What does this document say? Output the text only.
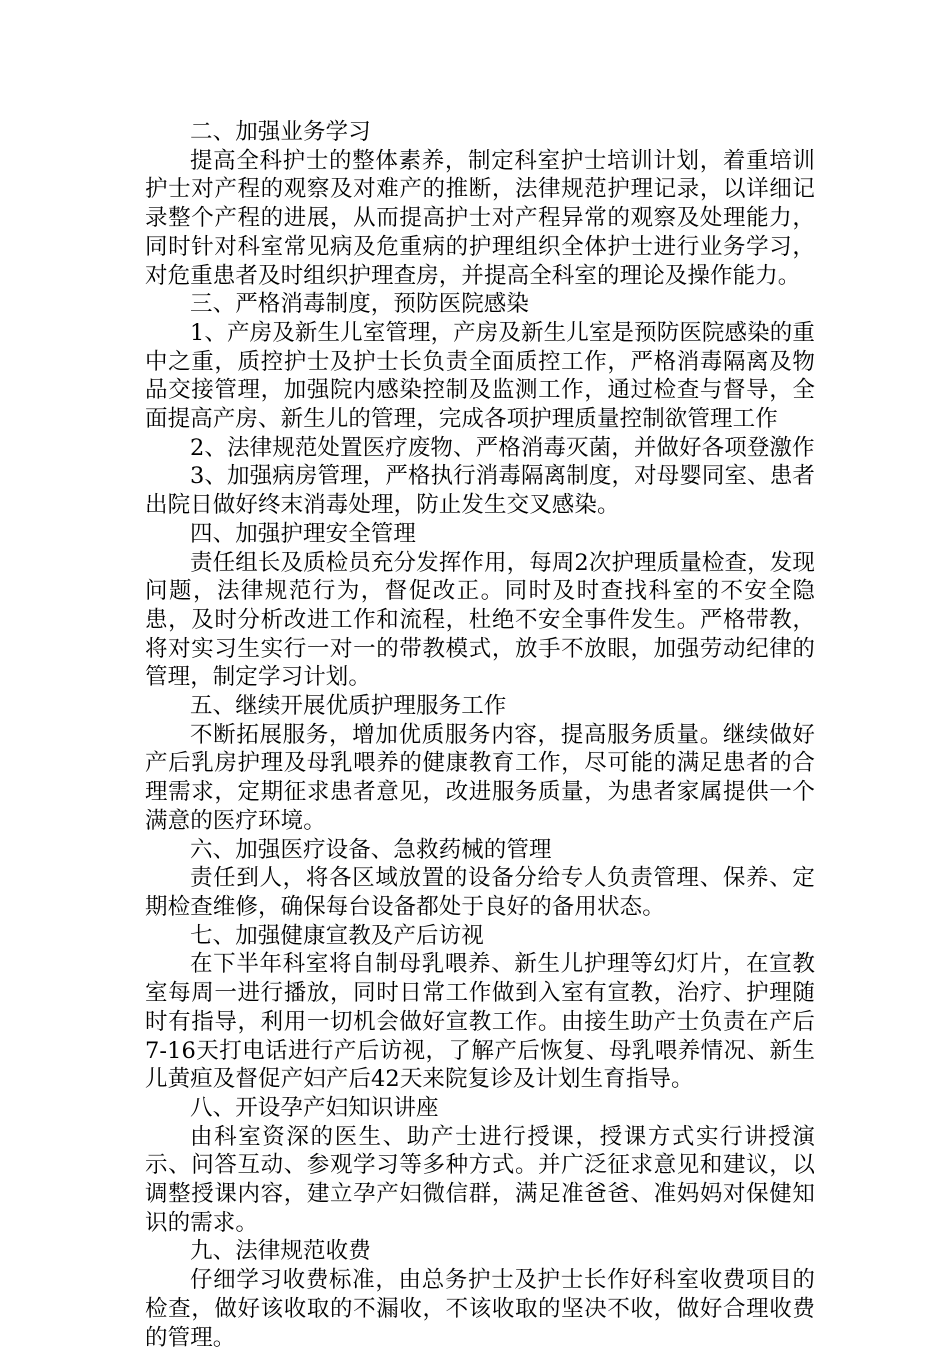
二、加强业务学习

提高全科护士的整体素养，制定科室护士培训计划，着重培训护士对产程的观察及对难产的推断，法律规范护理记录，以详细记录整个产程的进展，从而提高护士对产程异常的观察及处理能力，同时针对科室常见病及危重病的护理组织全体护士进行业务学习，对危重患者及时组织护理查房，并提高全科室的理论及操作能力。

三、严格消毒制度，预防医院感染

1、产房及新生儿室管理，产房及新生儿室是预防医院感染的重中之重，质控护士及护士长负责全面质控工作，严格消毒隔离及物品交接管理，加强院内感染控制及监测工作，通过检查与督导，全面提高产房、新生儿的管理，完成各项护理质量控制欲管理工作

2、法律规范处置医疗废物、严格消毒灭菌，并做好各项登激作

3、加强病房管理，严格执行消毒隔离制度，对母婴同室、患者出院日做好终末消毒处理，防止发生交叉感染。

四、加强护理安全管理

责任组长及质检员充分发挥作用，每周2次护理质量检查，发现问题，法律规范行为，督促改正。同时及时查找科室的不安全隐患，及时分析改进工作和流程，杜绝不安全事件发生。严格带教，将对实习生实行一对一的带教模式，放手不放眼，加强劳动纪律的管理，制定学习计划。

五、继续开展优质护理服务工作

不断拓展服务，增加优质服务内容，提高服务质量。继续做好产后乳房护理及母乳喂养的健康教育工作，尽可能的满足患者的合理需求，定期征求患者意见，改进服务质量，为患者家属提供一个满意的医疗环境。

六、加强医疗设备、急救药械的管理

责任到人，将各区域放置的设备分给专人负责管理、保养、定期检查维修，确保每台设备都处于良好的备用状态。

七、加强健康宣教及产后访视

在下半年科室将自制母乳喂养、新生儿护理等幻灯片，在宣教室每周一进行播放，同时日常工作做到入室有宣教，治疗、护理随时有指导，利用一切机会做好宣教工作。由接生助产士负责在产后7-16天打电话进行产后访视，了解产后恢复、母乳喂养情况、新生儿黄疸及督促产妇产后42天来院复诊及计划生育指导。

八、开设孕产妇知识讲座

由科室资深的医生、助产士进行授课，授课方式实行讲授演示、问答互动、参观学习等多种方式。并广泛征求意见和建议，以调整授课内容，建立孕产妇微信群，满足准爸爸、准妈妈对保健知识的需求。

九、法律规范收费

仔细学习收费标准，由总务护士及护士长作好科室收费项目的检查，做好该收取的不漏收，不该收取的坚决不收，做好合理收费的管理。
